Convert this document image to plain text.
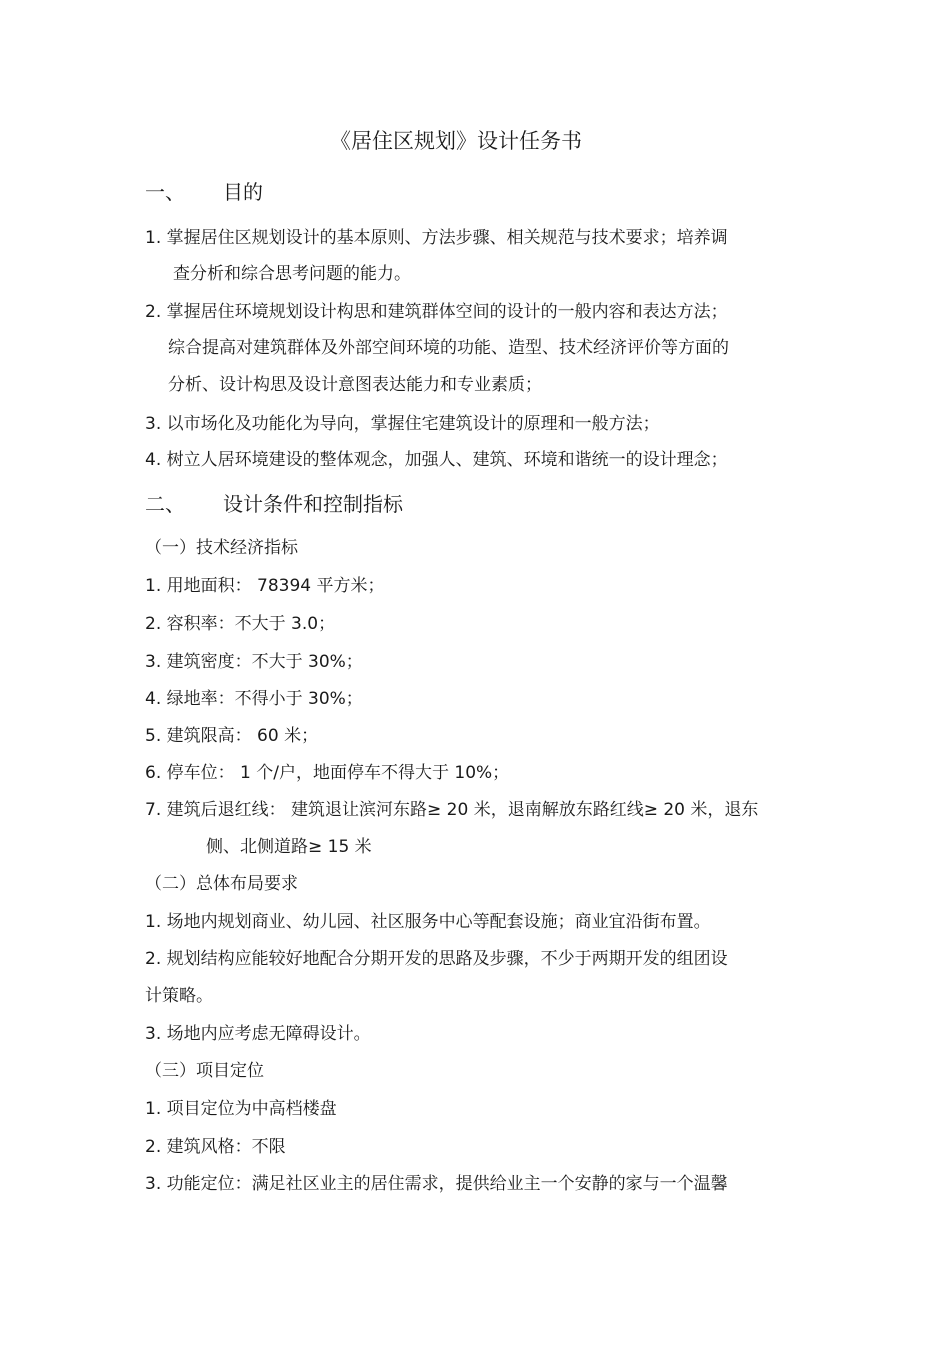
《居住区规划》设计任务书
一、 目的
1. 掌握居住区规划设计的基本原则、方法步骤、相关规范与技术要求；培养调
查分析和综合思考问题的能力。
2. 掌握居住环境规划设计构思和建筑群体空间的设计的一般内容和表达方法；
综合提高对建筑群体及外部空间环境的功能、造型、技术经济评价等方面的
分析、设计构思及设计意图表达能力和专业素质；
3. 以市场化及功能化为导向，掌握住宅建筑设计的原理和一般方法；
4. 树立人居环境建设的整体观念，加强人、建筑、环境和谐统一的设计理念；
二、 设计条件和控制指标
（一）技术经济指标
1. 用地面积： 78394 平方米；
2. 容积率：不大于 3.0；
3. 建筑密度：不大于 30%；
4. 绿地率：不得小于 30%；
5. 建筑限高： 60 米；
6. 停车位： 1 个/户，地面停车不得大于 10%；
7. 建筑后退红线： 建筑退让滨河东路≥ 20 米，退南解放东路红线≥ 20 米，退东
侧、北侧道路≥ 15 米
（二）总体布局要求
1. 场地内规划商业、幼儿园、社区服务中心等配套设施；商业宜沿街布置。
2. 规划结构应能较好地配合分期开发的思路及步骤，不少于两期开发的组团设
计策略。
3. 场地内应考虑无障碍设计。
（三）项目定位
1. 项目定位为中高档楼盘
2. 建筑风格：不限
3. 功能定位：满足社区业主的居住需求，提供给业主一个安静的家与一个温馨
